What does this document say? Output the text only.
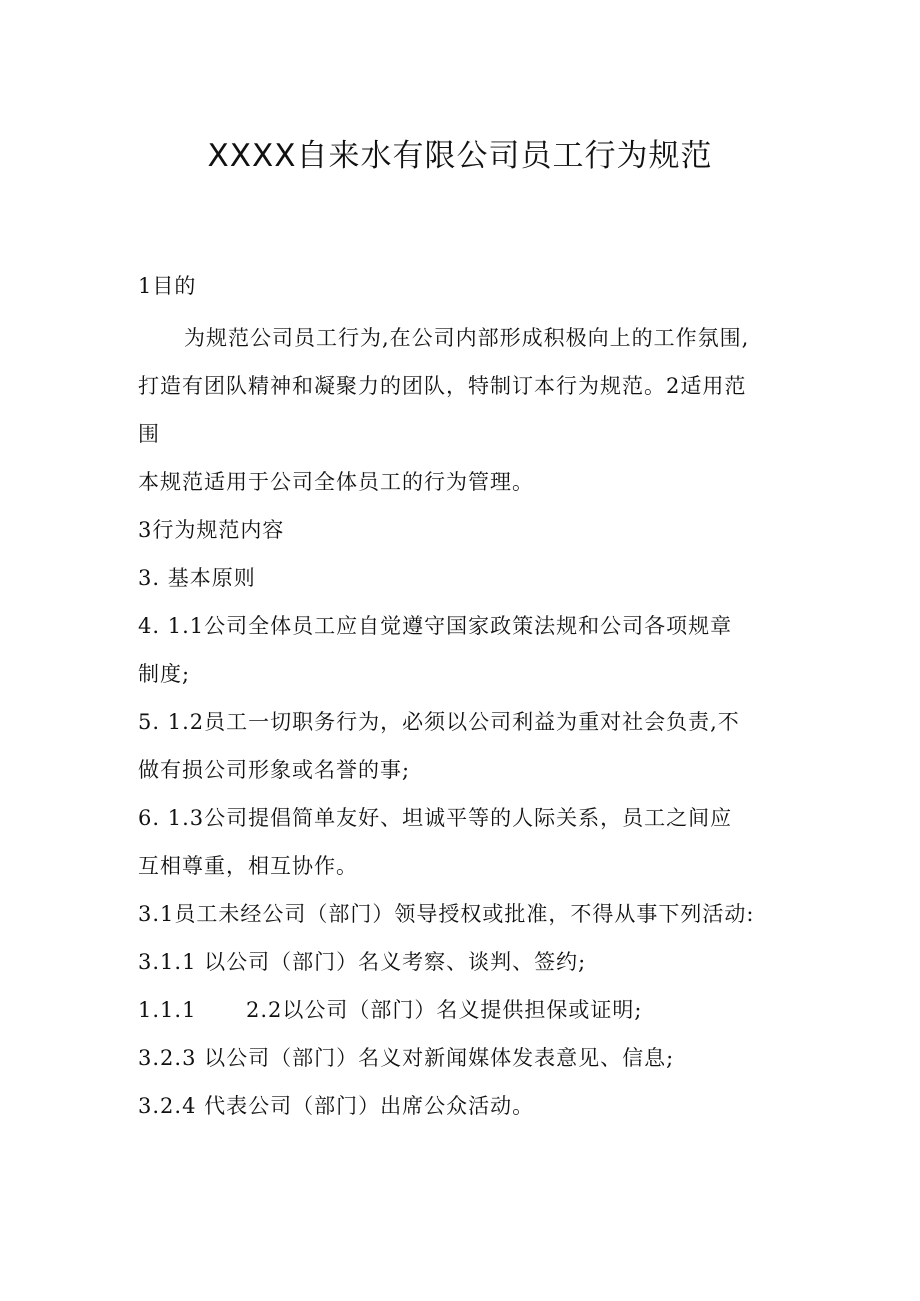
XXXX自来水有限公司员工行为规范
1目的
为规范公司员工行为,在公司内部形成积极向上的工作氛围,
打造有团队精神和凝聚力的团队，特制订本行为规范。2适用范
围
本规范适用于公司全体员工的行为管理。
3行为规范内容
3. 基本原则
4. 1.1公司全体员工应自觉遵守国家政策法规和公司各项规章
制度;
5. 1.2员工一切职务行为，必须以公司利益为重对社会负责,不
做有损公司形象或名誉的事;
6. 1.3公司提倡简单友好、坦诚平等的人际关系，员工之间应
互相尊重，相互协作。
3.1员工未经公司（部门）领导授权或批准，不得从事下列活动:
3.1.1 以公司（部门）名义考察、谈判、签约;
1.1.1 2.2以公司（部门）名义提供担保或证明;
3.2.3 以公司（部门）名义对新闻媒体发表意见、信息;
3.2.4 代表公司（部门）出席公众活动。
